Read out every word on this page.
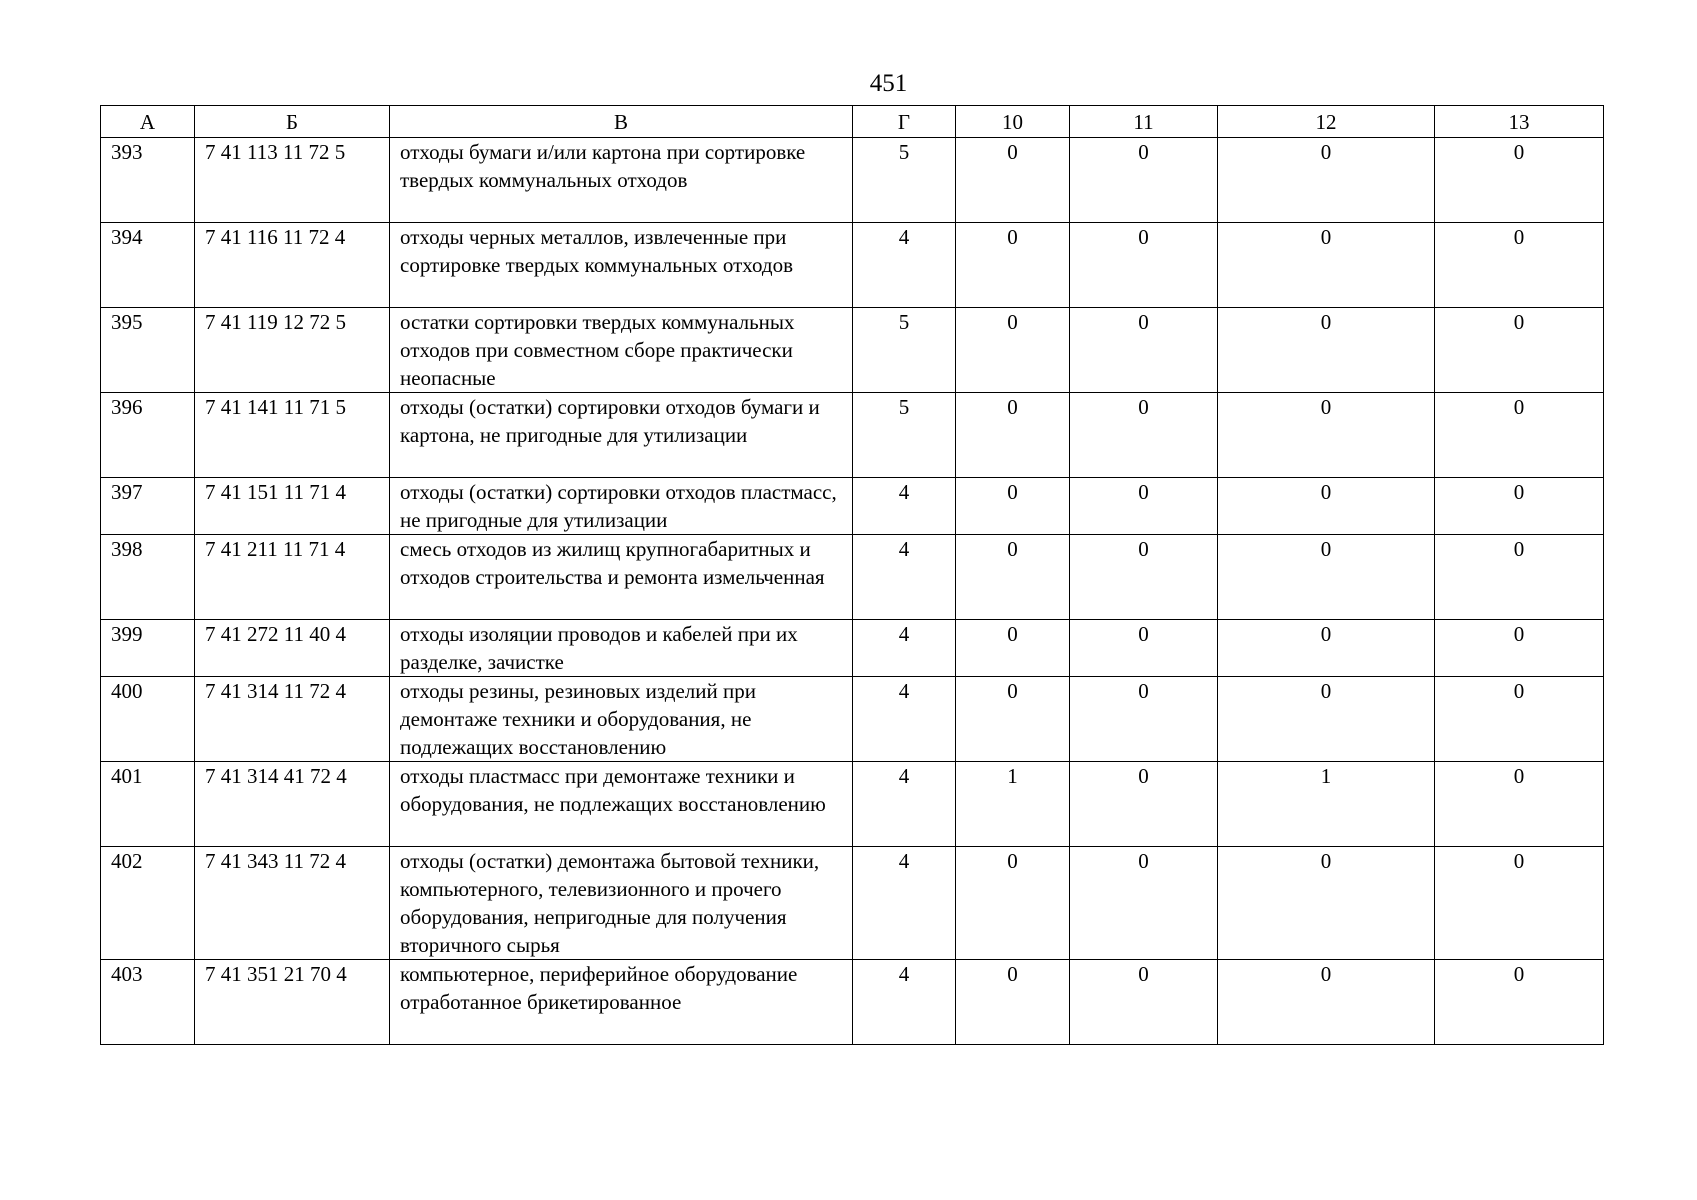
451
А	Б	В	Г	10	11	12	13
393	7 41 113 11 72 5	отходы бумаги и/или картона при сортировке твердых коммунальных отходов	5	0	0	0	0
394	7 41 116 11 72 4	отходы черных металлов, извлеченные при сортировке твердых коммунальных отходов	4	0	0	0	0
395	7 41 119 12 72 5	остатки сортировки твердых коммунальных отходов при совместном сборе практически неопасные	5	0	0	0	0
396	7 41 141 11 71 5	отходы (остатки) сортировки отходов бумаги и картона, не пригодные для утилизации	5	0	0	0	0
397	7 41 151 11 71 4	отходы (остатки) сортировки отходов пластмасс, не пригодные для утилизации	4	0	0	0	0
398	7 41 211 11 71 4	смесь отходов из жилищ крупногабаритных и отходов строительства и ремонта измельченная	4	0	0	0	0
399	7 41 272 11 40 4	отходы изоляции проводов и кабелей при их разделке, зачистке	4	0	0	0	0
400	7 41 314 11 72 4	отходы резины, резиновых изделий при демонтаже техники и оборудования, не подлежащих восстановлению	4	0	0	0	0
401	7 41 314 41 72 4	отходы пластмасс при демонтаже техники и оборудования, не подлежащих восстановлению	4	1	0	1	0
402	7 41 343 11 72 4	отходы (остатки) демонтажа бытовой техники, компьютерного, телевизионного и прочего оборудования, непригодные для получения вторичного сырья	4	0	0	0	0
403	7 41 351 21 70 4	компьютерное, периферийное оборудование отработанное брикетированное	4	0	0	0	0
